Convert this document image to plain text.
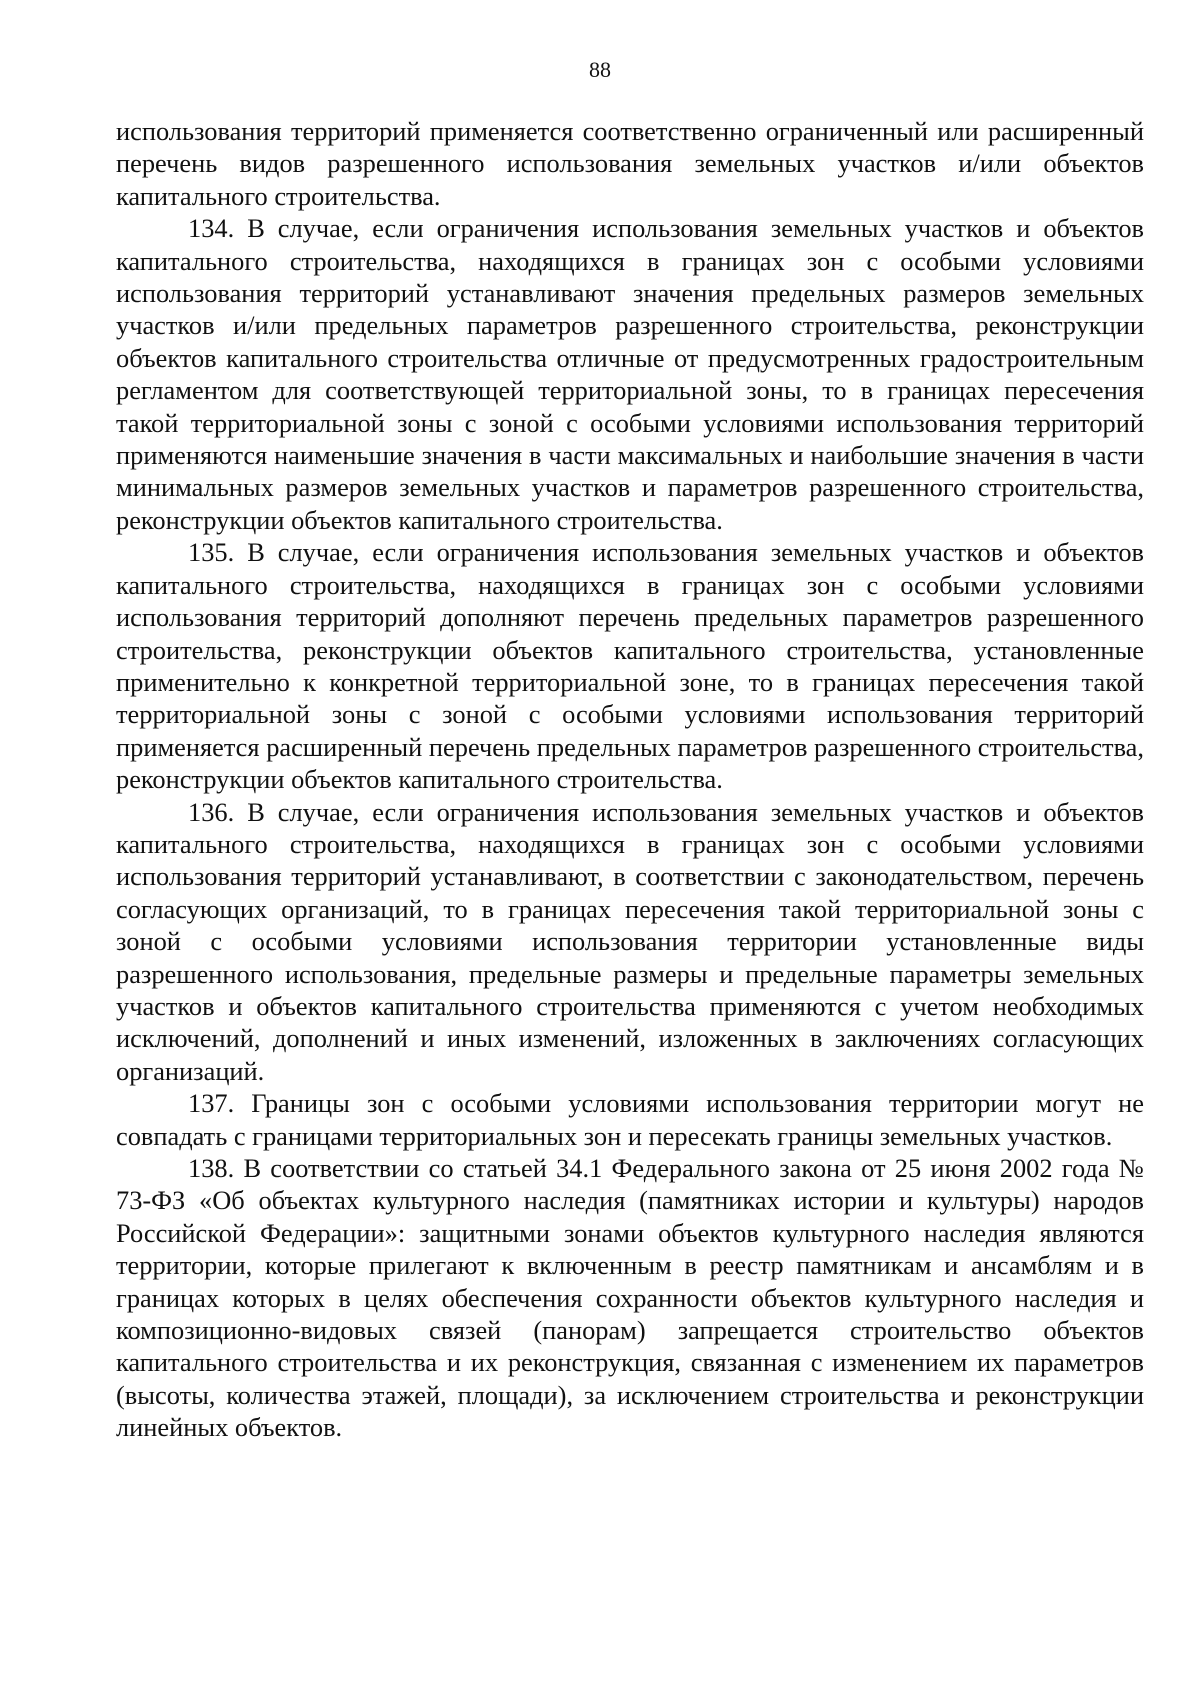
88

использования территорий применяется соответственно ограниченный или расширенный перечень видов разрешенного использования земельных участков и/или объектов капитального строительства.

134. В случае, если ограничения использования земельных участков и объектов капитального строительства, находящихся в границах зон с особыми условиями использования территорий устанавливают значения предельных размеров земельных участков и/или предельных параметров разрешенного строительства, реконструкции объектов капитального строительства отличные от предусмотренных градостроительным регламентом для соответствующей территориальной зоны, то в границах пересечения такой территориальной зоны с зоной с особыми условиями использования территорий применяются наименьшие значения в части максимальных и наибольшие значения в части минимальных размеров земельных участков и параметров разрешенного строительства, реконструкции объектов капитального строительства.

135. В случае, если ограничения использования земельных участков и объектов капитального строительства, находящихся в границах зон с особыми условиями использования территорий дополняют перечень предельных параметров разрешенного строительства, реконструкции объектов капитального строительства, установленные применительно к конкретной территориальной зоне, то в границах пересечения такой территориальной зоны с зоной с особыми условиями использования территорий применяется расширенный перечень предельных параметров разрешенного строительства, реконструкции объектов капитального строительства.

136. В случае, если ограничения использования земельных участков и объектов капитального строительства, находящихся в границах зон с особыми условиями использования территорий устанавливают, в соответствии с законодательством, перечень согласующих организаций, то в границах пересечения такой территориальной зоны с зоной с особыми условиями использования территории установленные виды разрешенного использования, предельные размеры и предельные параметры земельных участков и объектов капитального строительства применяются с учетом необходимых исключений, дополнений и иных изменений, изложенных в заключениях согласующих организаций.

137. Границы зон с особыми условиями использования территории могут не совпадать с границами территориальных зон и пересекать границы земельных участков.

138. В соответствии со статьей 34.1 Федерального закона от 25 июня 2002 года № 73-ФЗ «Об объектах культурного наследия (памятниках истории и культуры) народов Российской Федерации»: защитными зонами объектов культурного наследия являются территории, которые прилегают к включенным в реестр памятникам и ансамблям и в границах которых в целях обеспечения сохранности объектов культурного наследия и композиционно-видовых связей (панорам) запрещается строительство объектов капитального строительства и их реконструкция, связанная с изменением их параметров (высоты, количества этажей, площади), за исключением строительства и реконструкции линейных объектов.
